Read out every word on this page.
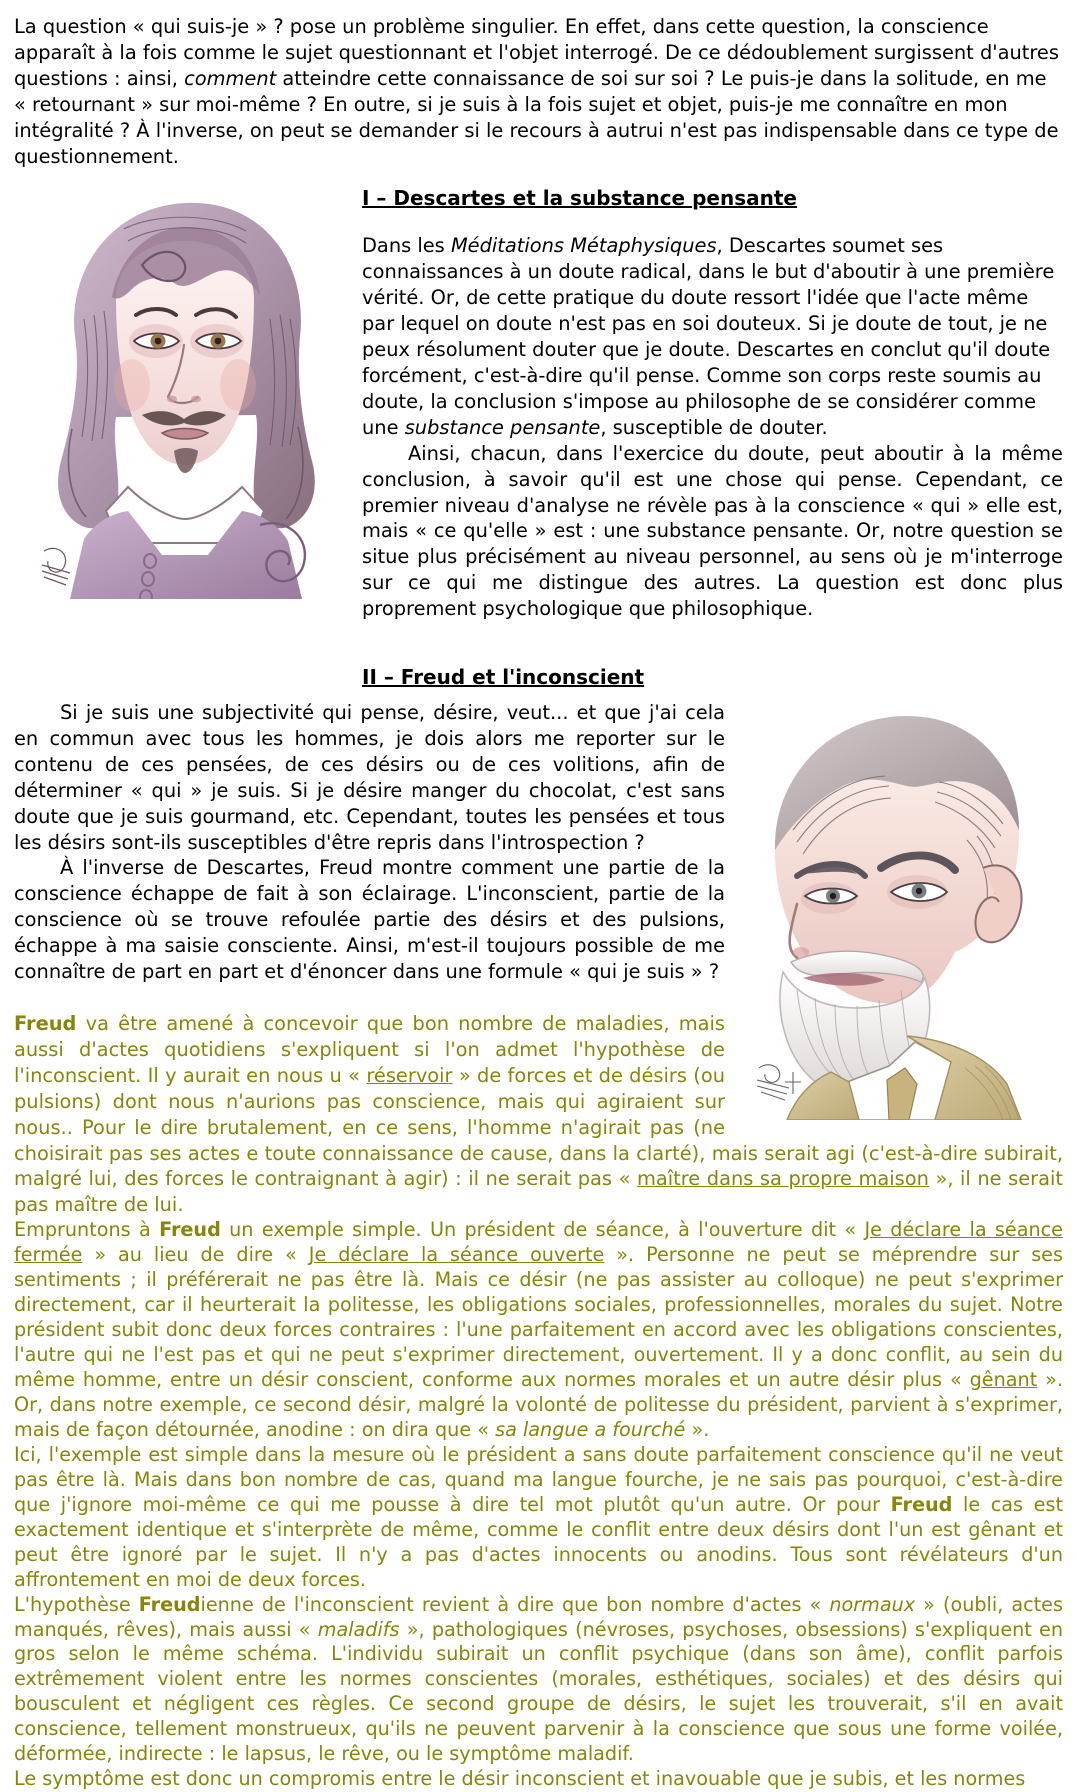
La question « qui suis-je » ? pose un problème singulier. En effet, dans cette question, la conscience apparaît à la fois comme le sujet questionnant et l'objet interrogé. De ce dédoublement surgissent d'autres questions : ainsi, comment atteindre cette connaissance de soi sur soi ? Le puis-je dans la solitude, en me « retournant » sur moi-même ? En outre, si je suis à la fois sujet et objet, puis-je me connaître en mon intégralité ? À l'inverse, on peut se demander si le recours à autrui n'est pas indispensable dans ce type de questionnement.

I – Descartes et la substance pensante

Dans les Méditations Métaphysiques, Descartes soumet ses connaissances à un doute radical, dans le but d'aboutir à une première vérité. Or, de cette pratique du doute ressort l'idée que l'acte même par lequel on doute n'est pas en soi douteux. Si je doute de tout, je ne peux résolument douter que je doute. Descartes en conclut qu'il doute forcément, c'est-à-dire qu'il pense. Comme son corps reste soumis au doute, la conclusion s'impose au philosophe de se considérer comme une substance pensante, susceptible de douter.

Ainsi, chacun, dans l'exercice du doute, peut aboutir à la même conclusion, à savoir qu'il est une chose qui pense. Cependant, ce premier niveau d'analyse ne révèle pas à la conscience « qui » elle est, mais « ce qu'elle » est : une substance pensante. Or, notre question se situe plus précisément au niveau personnel, au sens où je m'interroge sur ce qui me distingue des autres. La question est donc plus proprement psychologique que philosophique.

II – Freud et l'inconscient

Si je suis une subjectivité qui pense, désire, veut... et que j'ai cela en commun avec tous les hommes, je dois alors me reporter sur le contenu de ces pensées, de ces désirs ou de ces volitions, afin de déterminer « qui » je suis. Si je désire manger du chocolat, c'est sans doute que je suis gourmand, etc. Cependant, toutes les pensées et tous les désirs sont-ils susceptibles d'être repris dans l'introspection ?

À l'inverse de Descartes, Freud montre comment une partie de la conscience échappe de fait à son éclairage. L'inconscient, partie de la conscience où se trouve refoulée partie des désirs et des pulsions, échappe à ma saisie consciente. Ainsi, m'est-il toujours possible de me connaître de part en part et d'énoncer dans une formule « qui je suis » ?

Freud va être amené à concevoir que bon nombre de maladies, mais aussi d'actes quotidiens s'expliquent si l'on admet l'hypothèse de l'inconscient. Il y aurait en nous u « réservoir » de forces et de désirs (ou pulsions) dont nous n'aurions pas conscience, mais qui agiraient sur nous.. Pour le dire brutalement, en ce sens, l'homme n'agirait pas (ne choisirait pas ses actes e toute connaissance de cause, dans la clarté), mais serait agi (c'est-à-dire subirait, malgré lui, des forces le contraignant à agir) : il ne serait pas « maître dans sa propre maison », il ne serait pas maître de lui.

Empruntons à Freud un exemple simple. Un président de séance, à l'ouverture dit « Je déclare la séance fermée » au lieu de dire « Je déclare la séance ouverte ». Personne ne peut se méprendre sur ses sentiments ; il préférerait ne pas être là. Mais ce désir (ne pas assister au colloque) ne peut s'exprimer directement, car il heurterait la politesse, les obligations sociales, professionnelles, morales du sujet. Notre président subit donc deux forces contraires : l'une parfaitement en accord avec les obligations conscientes, l'autre qui ne l'est pas et qui ne peut s'exprimer directement, ouvertement. Il y a donc conflit, au sein du même homme, entre un désir conscient, conforme aux normes morales et un autre désir plus « gênant ». Or, dans notre exemple, ce second désir, malgré la volonté de politesse du président, parvient à s'exprimer, mais de façon détournée, anodine : on dira que « sa langue a fourché ».

Ici, l'exemple est simple dans la mesure où le président a sans doute parfaitement conscience qu'il ne veut pas être là. Mais dans bon nombre de cas, quand ma langue fourche, je ne sais pas pourquoi, c'est-à-dire que j'ignore moi-même ce qui me pousse à dire tel mot plutôt qu'un autre. Or pour Freud le cas est exactement identique et s'interprète de même, comme le conflit entre deux désirs dont l'un est gênant et peut être ignoré par le sujet. Il n'y a pas d'actes innocents ou anodins. Tous sont révélateurs d'un affrontement en moi de deux forces.

L'hypothèse Freudienne de l'inconscient revient à dire que bon nombre d'actes « normaux » (oubli, actes manqués, rêves), mais aussi « maladifs », pathologiques (névroses, psychoses, obsessions) s'expliquent en gros selon le même schéma. L'individu subirait un conflit psychique (dans son âme), conflit parfois extrêmement violent entre les normes conscientes (morales, esthétiques, sociales) et des désirs qui bousculent et négligent ces règles. Ce second groupe de désirs, le sujet les trouverait, s'il en avait conscience, tellement monstrueux, qu'ils ne peuvent parvenir à la conscience que sous une forme voilée, déformée, indirecte : le lapsus, le rêve, ou le symptôme maladif.

Le symptôme est donc un compromis entre le désir inconscient et inavouable que je subis, et les normes
